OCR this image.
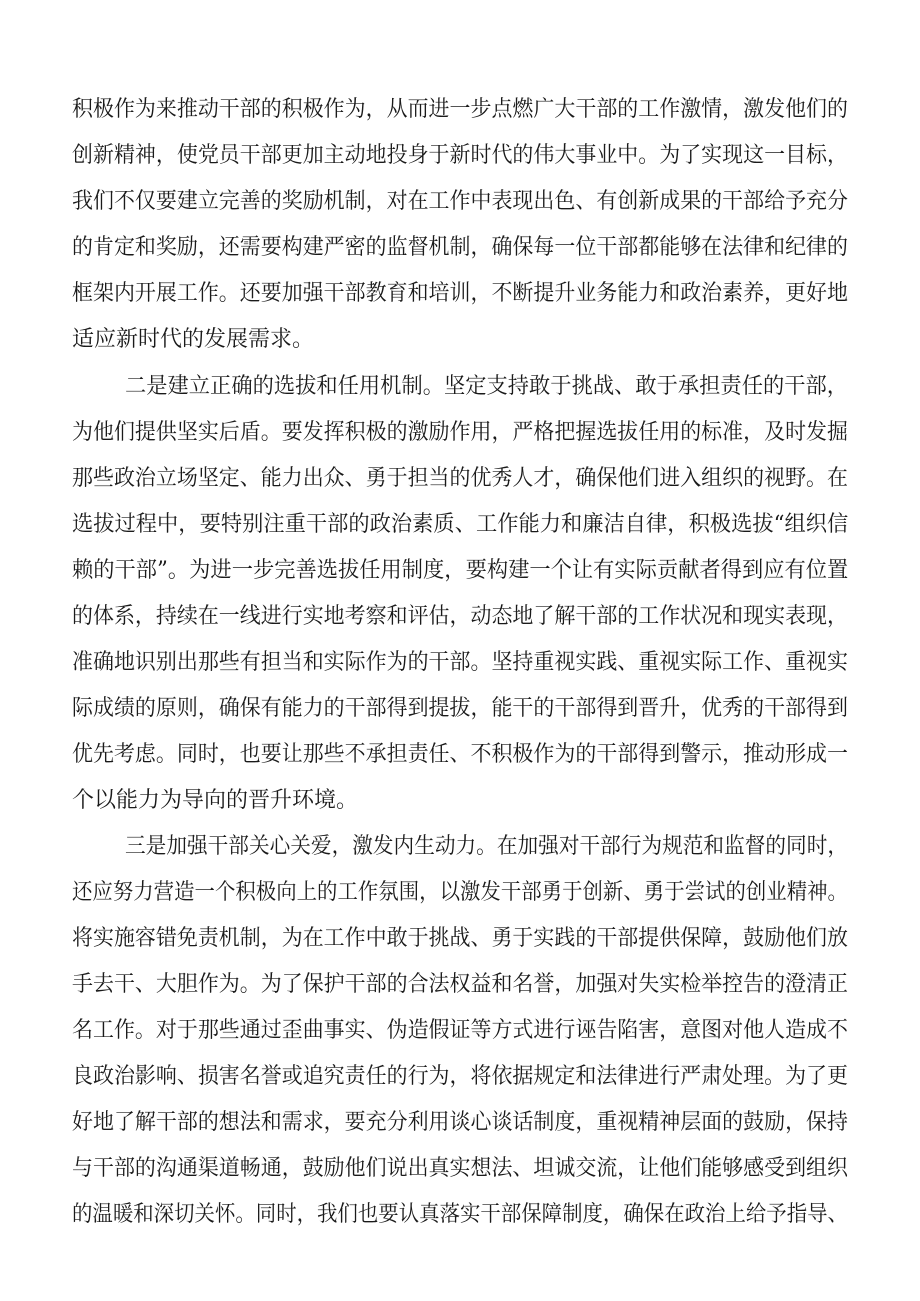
积极作为来推动干部的积极作为，从而进一步点燃广大干部的工作激情，激发他们的
创新精神，使党员干部更加主动地投身于新时代的伟大事业中。为了实现这一目标，
我们不仅要建立完善的奖励机制，对在工作中表现出色、有创新成果的干部给予充分
的肯定和奖励，还需要构建严密的监督机制，确保每一位干部都能够在法律和纪律的
框架内开展工作。还要加强干部教育和培训，不断提升业务能力和政治素养，更好地
适应新时代的发展需求。
二是建立正确的选拔和任用机制。坚定支持敢于挑战、敢于承担责任的干部，
为他们提供坚实后盾。要发挥积极的激励作用，严格把握选拔任用的标准，及时发掘
那些政治立场坚定、能力出众、勇于担当的优秀人才，确保他们进入组织的视野。在
选拔过程中，要特别注重干部的政治素质、工作能力和廉洁自律，积极选拔“组织信
赖的干部”。为进一步完善选拔任用制度，要构建一个让有实际贡献者得到应有位置
的体系，持续在一线进行实地考察和评估，动态地了解干部的工作状况和现实表现，
准确地识别出那些有担当和实际作为的干部。坚持重视实践、重视实际工作、重视实
际成绩的原则，确保有能力的干部得到提拔，能干的干部得到晋升，优秀的干部得到
优先考虑。同时，也要让那些不承担责任、不积极作为的干部得到警示，推动形成一
个以能力为导向的晋升环境。
三是加强干部关心关爱，激发内生动力。在加强对干部行为规范和监督的同时，
还应努力营造一个积极向上的工作氛围，以激发干部勇于创新、勇于尝试的创业精神。
将实施容错免责机制，为在工作中敢于挑战、勇于实践的干部提供保障，鼓励他们放
手去干、大胆作为。为了保护干部的合法权益和名誉，加强对失实检举控告的澄清正
名工作。对于那些通过歪曲事实、伪造假证等方式进行诬告陷害，意图对他人造成不
良政治影响、损害名誉或追究责任的行为，将依据规定和法律进行严肃处理。为了更
好地了解干部的想法和需求，要充分利用谈心谈话制度，重视精神层面的鼓励，保持
与干部的沟通渠道畅通，鼓励他们说出真实想法、坦诚交流，让他们能够感受到组织
的温暖和深切关怀。同时，我们也要认真落实干部保障制度，确保在政治上给予指导、
